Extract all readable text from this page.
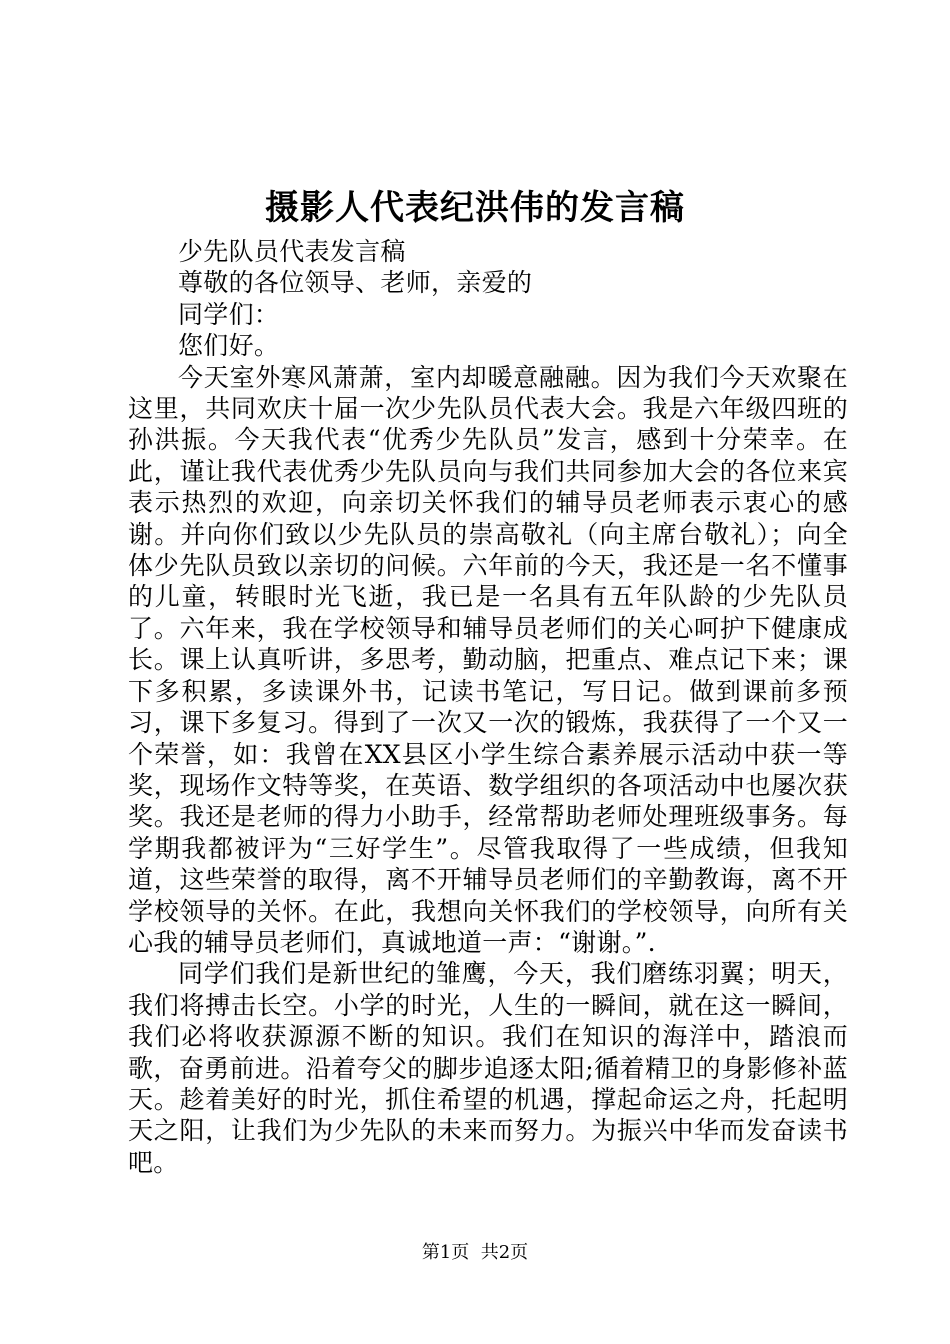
摄影人代表纪洪伟的发言稿

少先队员代表发言稿

尊敬的各位领导、老师，亲爱的

同学们：

您们好。

今天室外寒风萧萧，室内却暖意融融。因为我们今天欢聚在这里，共同欢庆十届一次少先队员代表大会。我是六年级四班的孙洪振。今天我代表“优秀少先队员”发言，感到十分荣幸。在此，谨让我代表优秀少先队员向与我们共同参加大会的各位来宾表示热烈的欢迎，向亲切关怀我们的辅导员老师表示衷心的感谢。并向你们致以少先队员的崇高敬礼（向主席台敬礼）；向全体少先队员致以亲切的问候。六年前的今天，我还是一名不懂事的儿童，转眼时光飞逝，我已是一名具有五年队龄的少先队员了。六年来，我在学校领导和辅导员老师们的关心呵护下健康成长。课上认真听讲，多思考，勤动脑，把重点、难点记下来；课下多积累，多读课外书，记读书笔记，写日记。做到课前多预习，课下多复习。得到了一次又一次的锻炼，我获得了一个又一个荣誉，如：我曾在XX县区小学生综合素养展示活动中获一等奖，现场作文特等奖，在英语、数学组织的各项活动中也屡次获奖。我还是老师的得力小助手，经常帮助老师处理班级事务。每学期我都被评为“三好学生”。尽管我取得了一些成绩，但我知道，这些荣誉的取得，离不开辅导员老师们的辛勤教诲，离不开学校领导的关怀。在此，我想向关怀我们的学校领导，向所有关心我的辅导员老师们，真诚地道一声：“谢谢。”.

同学们我们是新世纪的雏鹰，今天，我们磨练羽翼；明天，我们将搏击长空。小学的时光，人生的一瞬间，就在这一瞬间，我们必将收获源源不断的知识。我们在知识的海洋中，踏浪而歌，奋勇前进。沿着夸父的脚步追逐太阳;循着精卫的身影修补蓝天。趁着美好的时光，抓住希望的机遇，撑起命运之舟，托起明天之阳，让我们为少先队的未来而努力。为振兴中华而发奋读书吧。

第1页 共2页
